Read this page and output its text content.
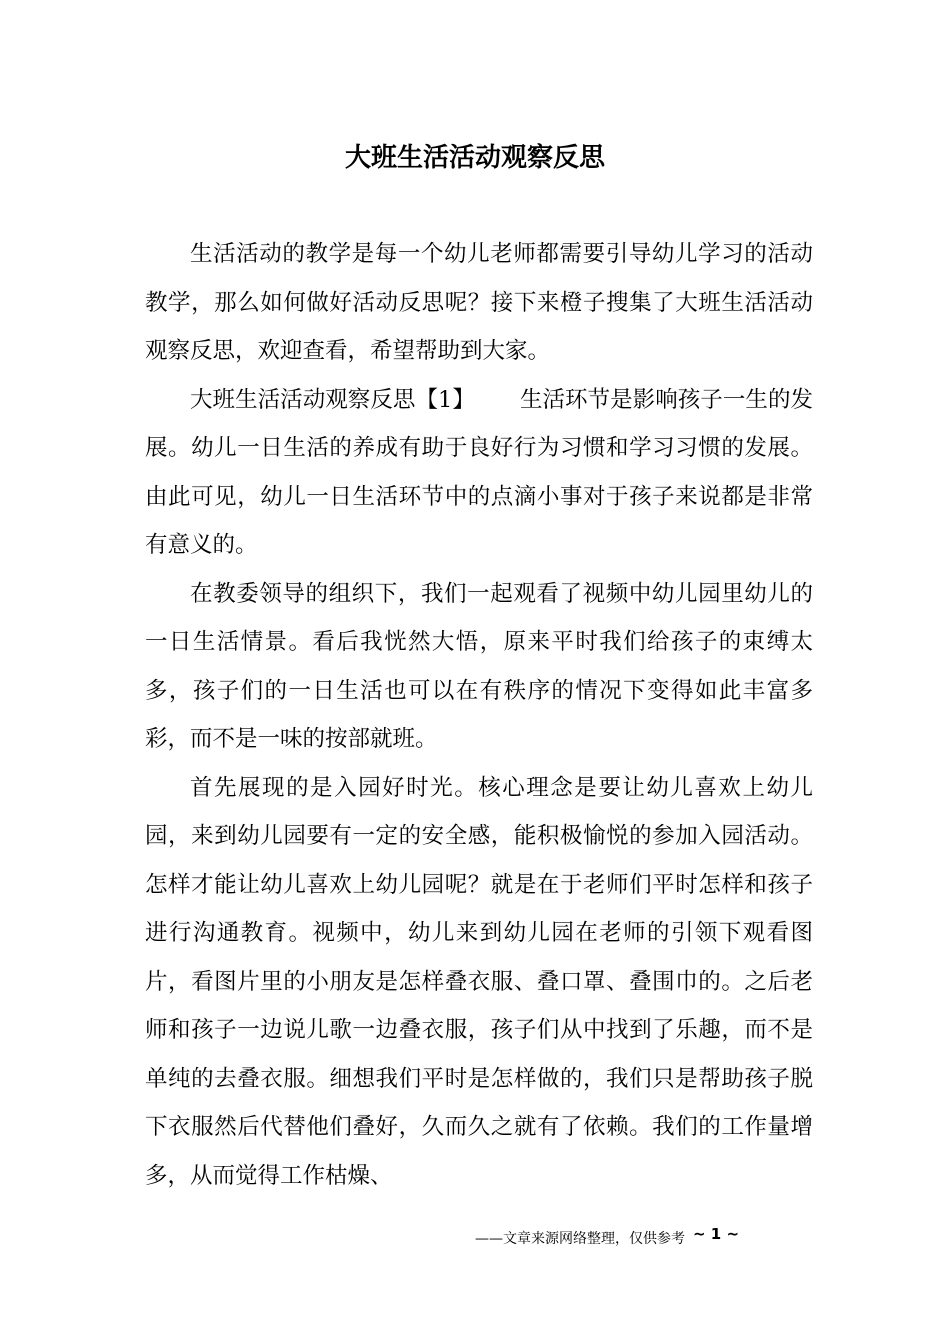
大班生活活动观察反思

生活活动的教学是每一个幼儿老师都需要引导幼儿学习的活动教学，那么如何做好活动反思呢？接下来橙子搜集了大班生活活动观察反思，欢迎查看，希望帮助到大家。

大班生活活动观察反思【1】 生活环节是影响孩子一生的发展。幼儿一日生活的养成有助于良好行为习惯和学习习惯的发展。由此可见，幼儿一日生活环节中的点滴小事对于孩子来说都是非常有意义的。

在教委领导的组织下，我们一起观看了视频中幼儿园里幼儿的一日生活情景。看后我恍然大悟，原来平时我们给孩子的束缚太多，孩子们的一日生活也可以在有秩序的情况下变得如此丰富多彩，而不是一味的按部就班。

首先展现的是入园好时光。核心理念是要让幼儿喜欢上幼儿园，来到幼儿园要有一定的安全感，能积极愉悦的参加入园活动。怎样才能让幼儿喜欢上幼儿园呢？就是在于老师们平时怎样和孩子进行沟通教育。视频中，幼儿来到幼儿园在老师的引领下观看图片，看图片里的小朋友是怎样叠衣服、叠口罩、叠围巾的。之后老师和孩子一边说儿歌一边叠衣服，孩子们从中找到了乐趣，而不是单纯的去叠衣服。细想我们平时是怎样做的，我们只是帮助孩子脱下衣服然后代替他们叠好，久而久之就有了依赖。我们的工作量增多，从而觉得工作枯燥、

——文章来源网络整理，仅供参考 ~ 1 ~
